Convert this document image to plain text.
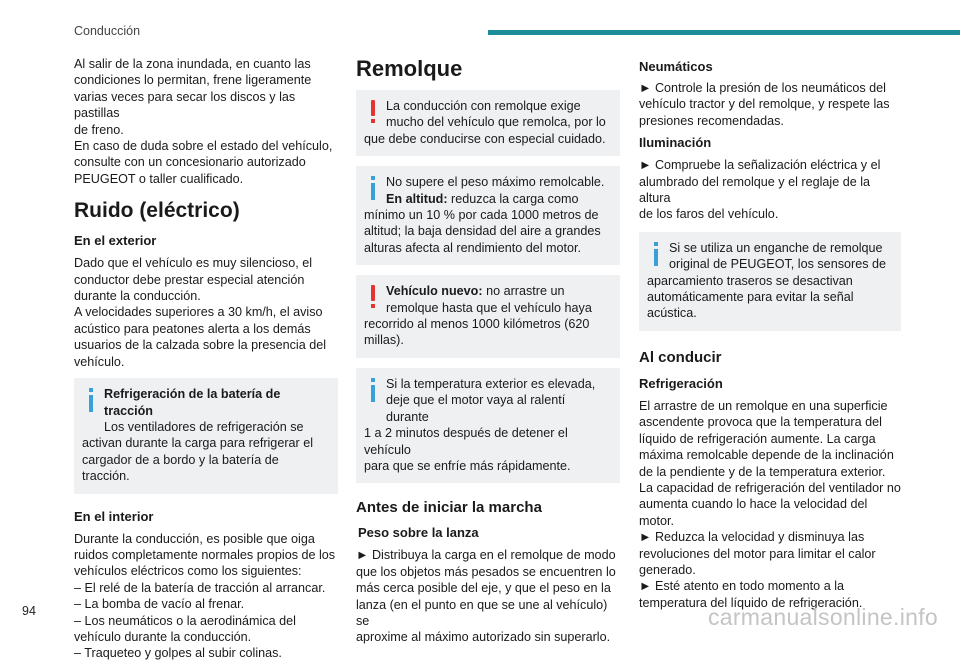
Conducción

Al salir de la zona inundada, en cuanto las
condiciones lo permitan, frene ligeramente
varias veces para secar los discos y las pastillas
de freno.
En caso de duda sobre el estado del vehículo,
consulte con un concesionario autorizado
PEUGEOT o taller cualificado.

Ruido (eléctrico)
En el exterior

Dado que el vehículo es muy silencioso, el
conductor debe prestar especial atención
durante la conducción.
A velocidades superiores a 30 km/h, el aviso
acústico para peatones alerta a los demás
usuarios de la calzada sobre la presencia del
vehículo.

Refrigeración de la batería de tracción
Los ventiladores de refrigeración se
activan durante la carga para refrigerar el
cargador de a bordo y la batería de tracción.
En el interior

Durante la conducción, es posible que oiga
ruidos completamente normales propios de los
vehículos eléctricos como los siguientes:
– El relé de la batería de tracción al arrancar.
– La bomba de vacío al frenar.
– Los neumáticos o la aerodinámica del
vehículo durante la conducción.
– Traqueteo y golpes al subir colinas.

Remolque
La conducción con remolque exige
mucho del vehículo que remolca, por lo
que debe conducirse con especial cuidado.
No supere el peso máximo remolcable.
En altitud: reduzca la carga como
mínimo un 10 % por cada 1000 metros de
altitud; la baja densidad del aire a grandes
alturas afecta al rendimiento del motor.
Vehículo nuevo: no arrastre un
remolque hasta que el vehículo haya
recorrido al menos 1000 kilómetros (620
millas).
Si la temperatura exterior es elevada,
deje que el motor vaya al ralentí durante
1 a 2 minutos después de detener el vehículo
para que se enfríe más rápidamente.
Antes de iniciar la marcha
Peso sobre la lanza

► Distribuya la carga en el remolque de modo
que los objetos más pesados se encuentren lo
más cerca posible del eje, y que el peso en la
lanza (en el punto en que se une al vehículo) se
aproxime al máximo autorizado sin superarlo.

Neumáticos

► Controle la presión de los neumáticos del
vehículo tractor y del remolque, y respete las
presiones recomendadas.

Iluminación

► Compruebe la señalización eléctrica y el
alumbrado del remolque y el reglaje de la altura
de los faros del vehículo.

Si se utiliza un enganche de remolque
original de PEUGEOT, los sensores de
aparcamiento traseros se desactivan
automáticamente para evitar la señal
acústica.
Al conducir
Refrigeración

El arrastre de un remolque en una superficie
ascendente provoca que la temperatura del
líquido de refrigeración aumente. La carga
máxima remolcable depende de la inclinación
de la pendiente y de la temperatura exterior.
La capacidad de refrigeración del ventilador no
aumenta cuando lo hace la velocidad del motor.
► Reduzca la velocidad y disminuya las
revoluciones del motor para limitar el calor
generado.
► Esté atento en todo momento a la
temperatura del líquido de refrigeración.

94	carmanualsonline.info
